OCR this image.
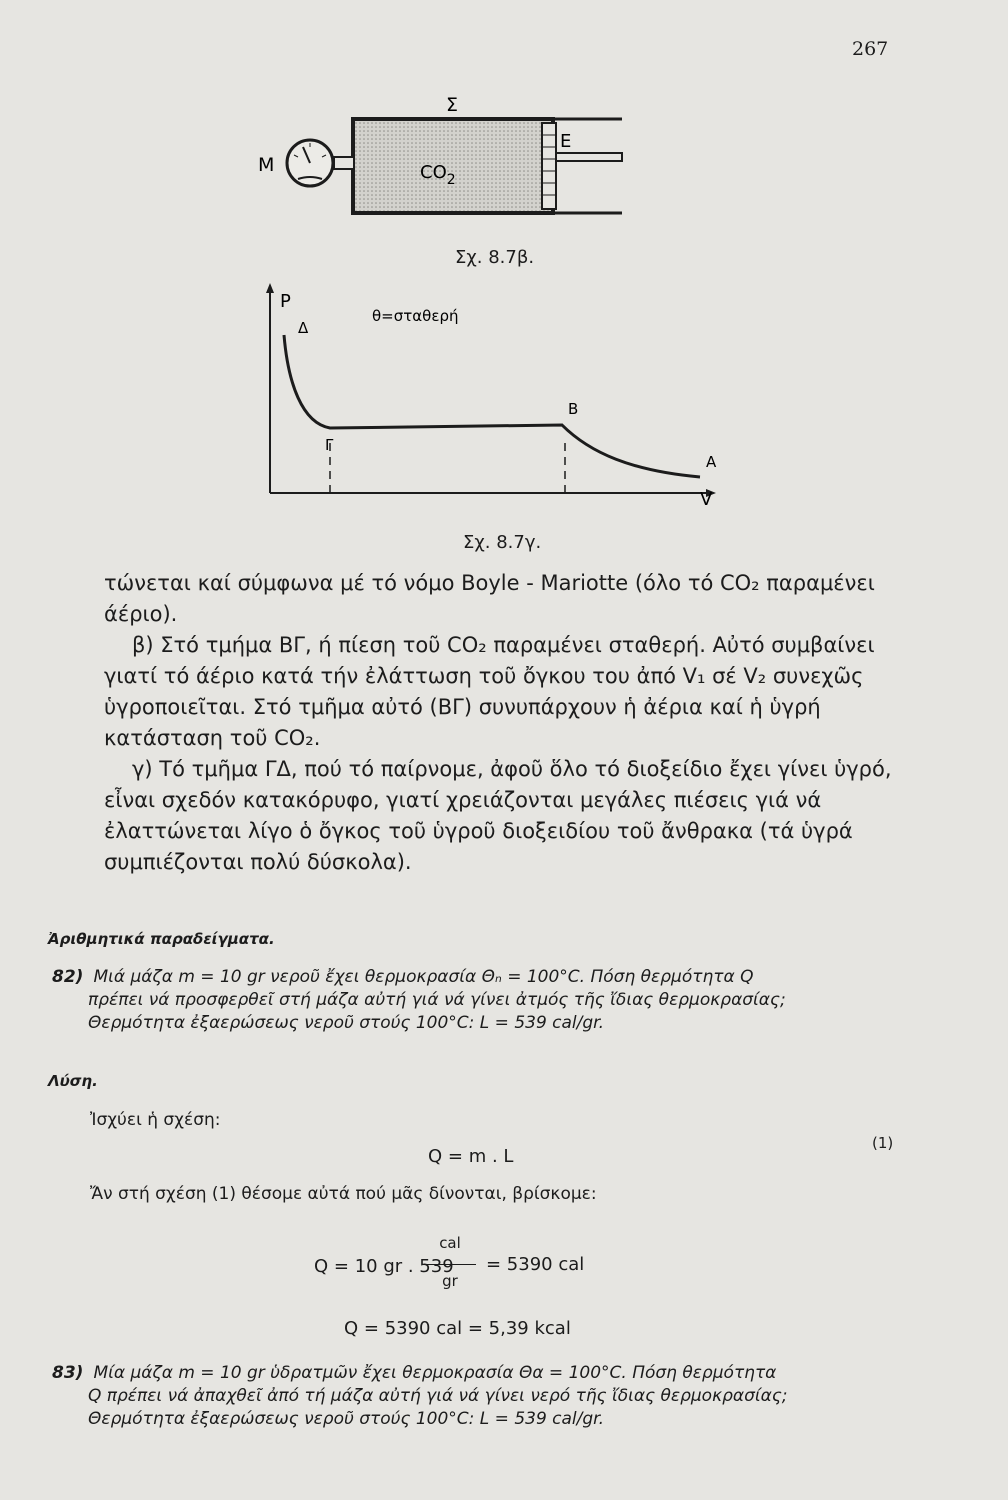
267
Σ
E
M	$CO_2$
Σχ. 8.7β.
P
V
Δ
Γ
B
A
θ=σταθερή
Σχ. 8.7γ.

τώνεται καί σύμφωνα μέ τό νόμο Boyle - Mariotte (όλο τό CO₂ παραμένει άέριο).

β) Στό τμήμα ΒΓ, ή πίεση τοῦ CO₂ παραμένει σταθερή. Αὐτό συμβαίνει γιατί τό άέριο κατά τήν ἐλάττωση τοῦ ὄγκου του ἀπό V₁ σέ V₂ συνεχῶς ὑγροποιεῖται. Στό τμῆμα αὐτό (ΒΓ) συνυπάρχουν ἡ ἀέρια καί ἡ ὑγρή κατάσταση τοῦ CO₂.

γ) Τό τμῆμα ΓΔ, πού τό παίρνομε, ἀφοῦ ὅλο τό διοξείδιο ἔχει γίνει ὑγρό, εἶναι σχεδόν κατακόρυφο, γιατί χρειάζονται μεγάλες πιέσεις γιά νά ἐλαττώνεται λίγο ὁ ὄγκος τοῦ ὑγροῦ διοξειδίου τοῦ ἄνθρακα (τά ὑγρά συμπιέζονται πολύ δύσκολα).

Ἀριθμητικά παραδείγματα.
82) Μιά μάζα m = 10 gr νεροῦ ἔχει θερμοκρασία Θₙ = 100°C. Πόση θερμότητα Q
πρέπει νά προσφερθεῖ στή μάζα αὐτή γιά νά γίνει ἀτμός τῆς ἴδιας θερμοκρασίας;
Θερμότητα ἐξαερώσεως νεροῦ στούς 100°C: L = 539 cal/gr.
Λύση.
Ἰσχύει ἡ σχέση:
Q = m . L
(1)
Ἄν στή σχέση (1) θέσομε αὐτά πού μᾶς δίνονται, βρίσκομε:
Q = 10 gr . 539
cal
gr
= 5390 cal
Q = 5390 cal = 5,39 kcal
83) Μία μάζα m = 10 gr ὑδρατμῶν ἔχει θερμοκρασία Θα = 100°C. Πόση θερμότητα
Q πρέπει νά ἀπαχθεῖ ἀπό τή μάζα αὐτή γιά νά γίνει νερό τῆς ἴδιας θερμοκρασίας;
Θερμότητα ἐξαερώσεως νεροῦ στούς 100°C: L = 539 cal/gr.
